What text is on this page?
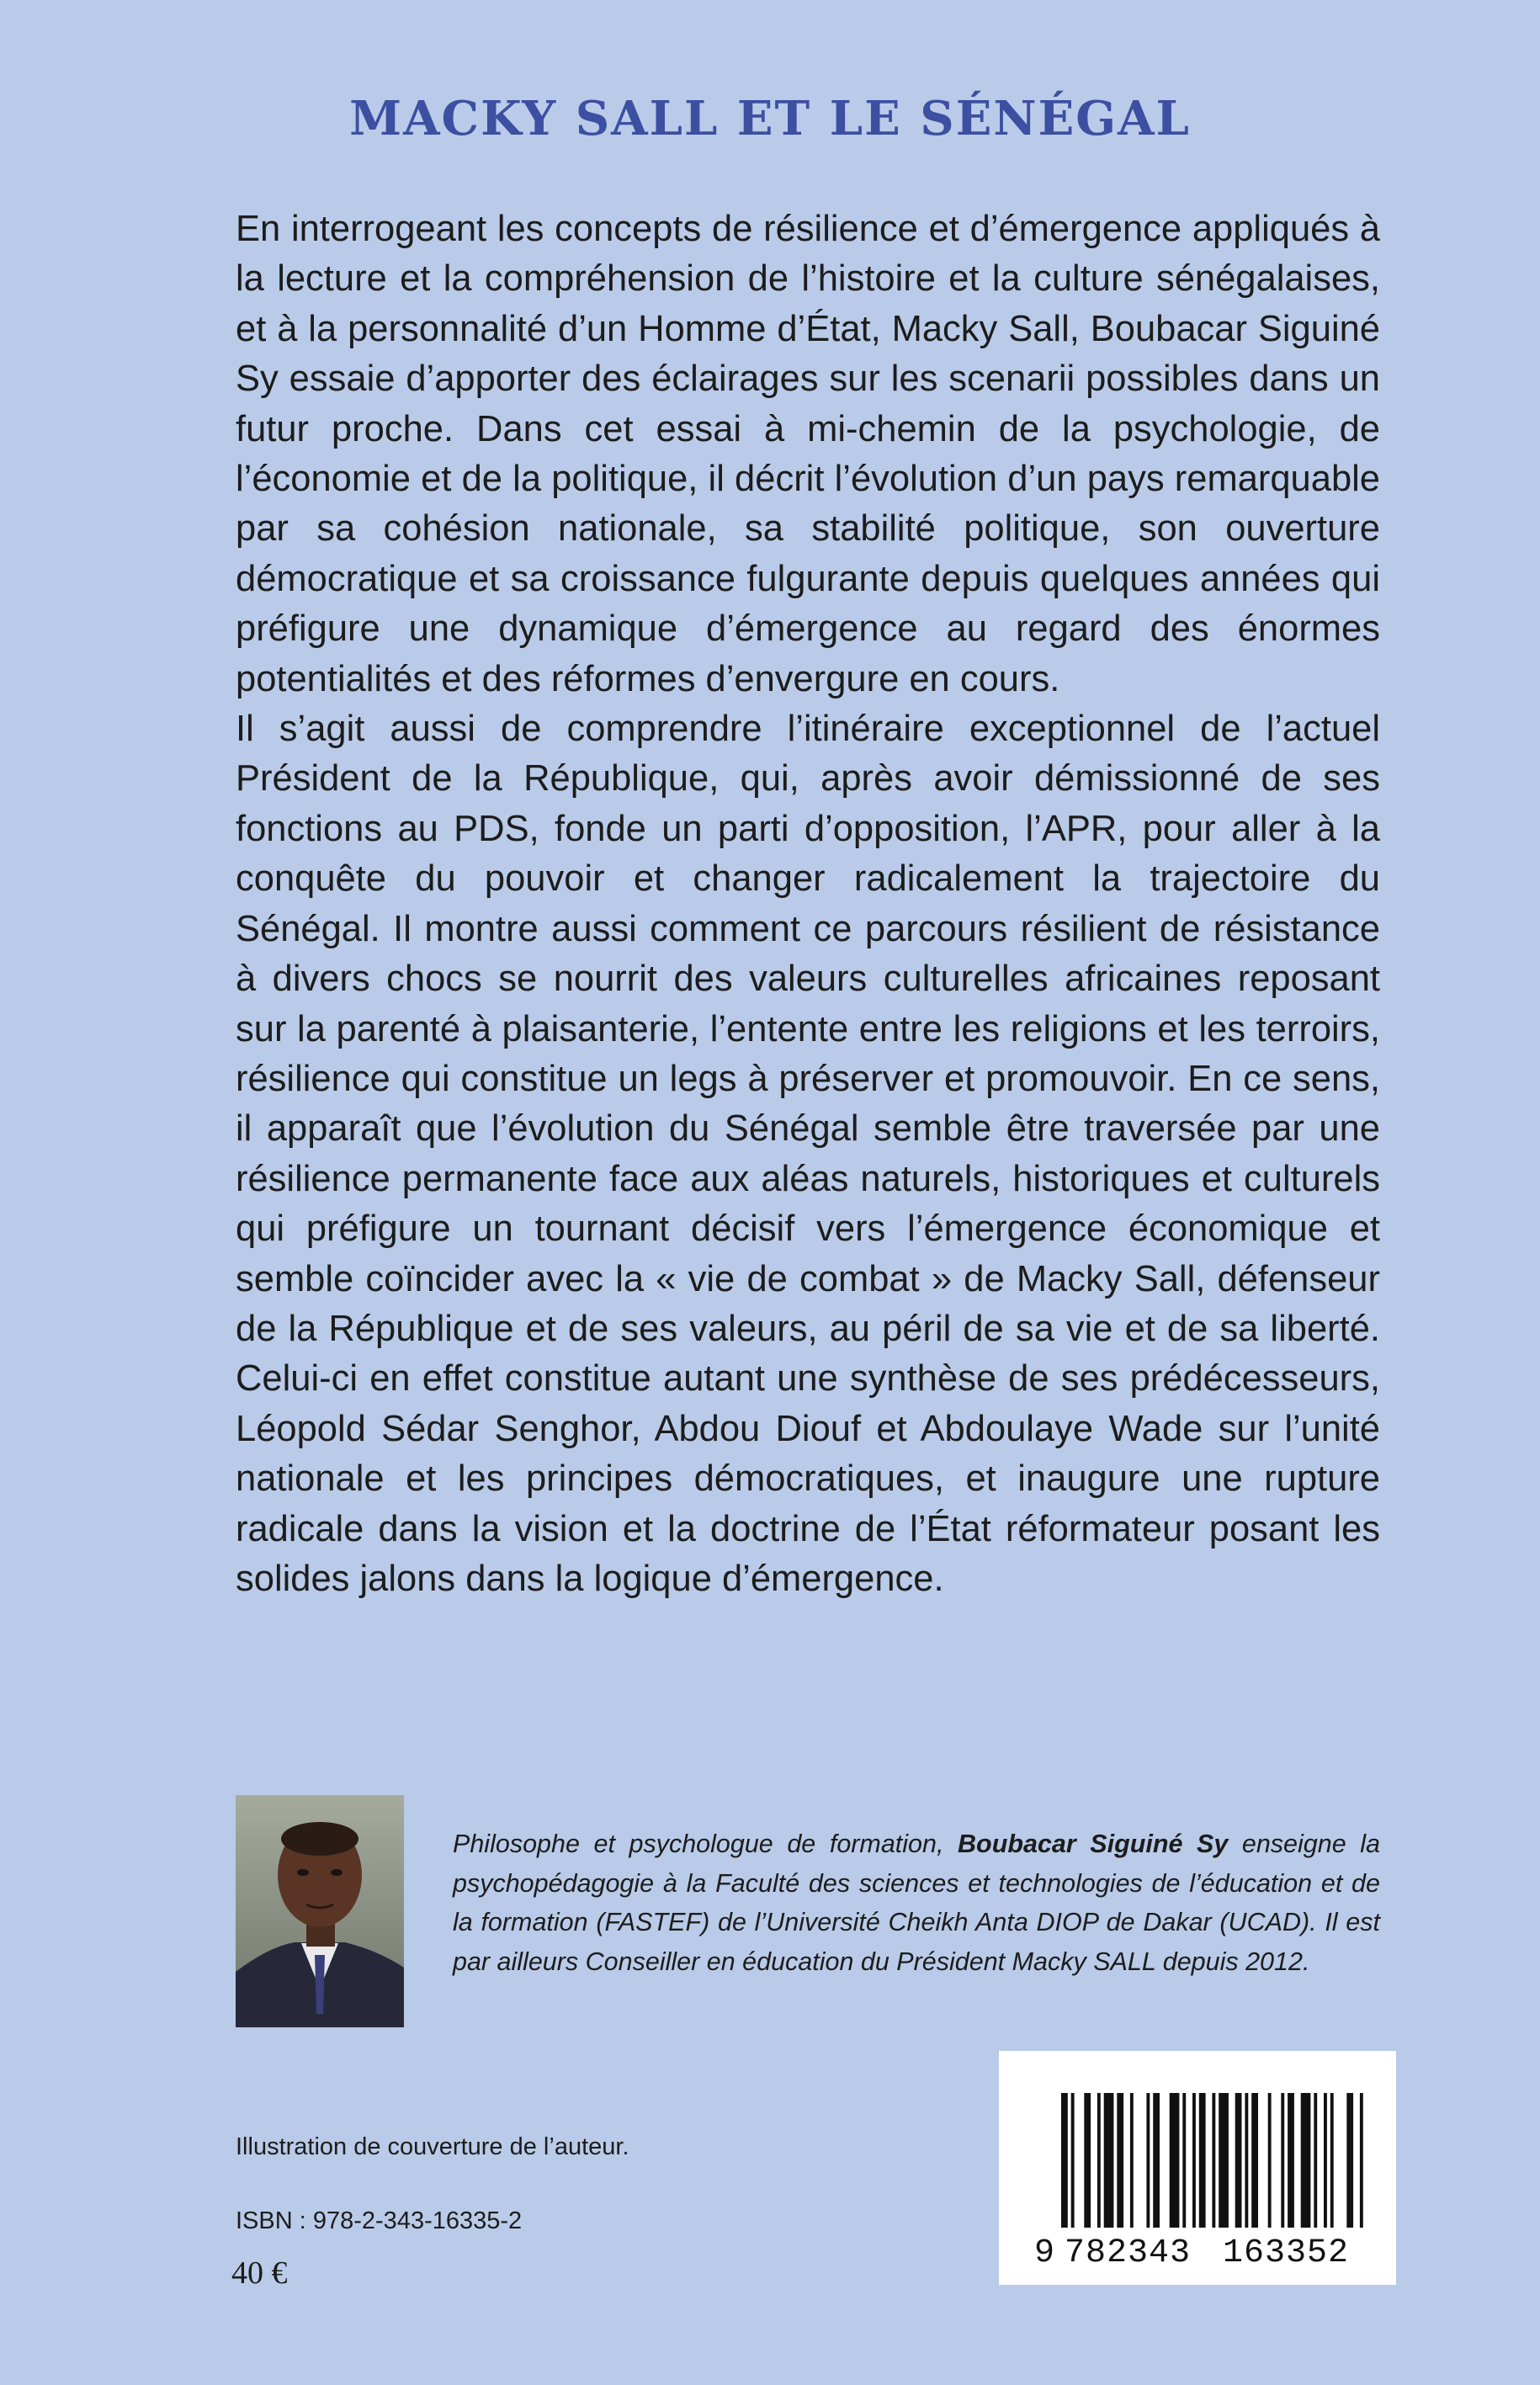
MACKY SALL ET LE SÉNÉGAL

En interrogeant les concepts de résilience et d’émergence appliqués à la lecture et la compréhension de l’histoire et la culture sénégalaises, et à la personnalité d’un Homme d’État, Macky Sall, Boubacar Siguiné Sy essaie d’apporter des éclairages sur les scenarii possibles dans un futur proche. Dans cet essai à mi-chemin de la psychologie, de l’économie et de la politique, il décrit l’évolution d’un pays remarquable par sa cohésion nationale, sa stabilité politique, son ouverture démocratique et sa croissance fulgurante depuis quelques années qui préfigure une dynamique d’émergence au regard des énormes potentialités et des réformes d’envergure en cours.

Il s’agit aussi de comprendre l’itinéraire exceptionnel de l’actuel Président de la République, qui, après avoir démissionné de ses fonctions au PDS, fonde un parti d’opposition, l’APR, pour aller à la conquête du pouvoir et changer radicalement la trajectoire du Sénégal. Il montre aussi comment ce parcours résilient de résistance à divers chocs se nourrit des valeurs culturelles africaines reposant sur la parenté à plaisanterie, l’entente entre les religions et les terroirs, résilience qui constitue un legs à préserver et promouvoir. En ce sens, il apparaît que l’évolution du Sénégal semble être traversée par une résilience permanente face aux aléas naturels, historiques et culturels qui préfigure un tournant décisif vers l’émergence économique et semble coïncider avec la « vie de combat » de Macky Sall, défenseur de la République et de ses valeurs, au péril de sa vie et de sa liberté. Celui-ci en effet constitue autant une synthèse de ses prédécesseurs, Léopold Sédar Senghor, Abdou Diouf et Abdoulaye Wade sur l’unité nationale et les principes démocratiques, et inaugure une rupture radicale dans la vision et la doctrine de l’État réformateur posant les solides jalons dans la logique d’émergence.

Philosophe et psychologue de formation, Boubacar Siguiné Sy enseigne la psychopédagogie à la Faculté des sciences et technologies de l’éducation et de la formation (FASTEF) de l’Université Cheikh Anta DIOP de Dakar (UCAD). Il est par ailleurs Conseiller en éducation du Président Macky SALL depuis 2012.
Illustration de couverture de l’auteur.
ISBN : 978-2-343-16335-2
40 €
9 782343 163352
